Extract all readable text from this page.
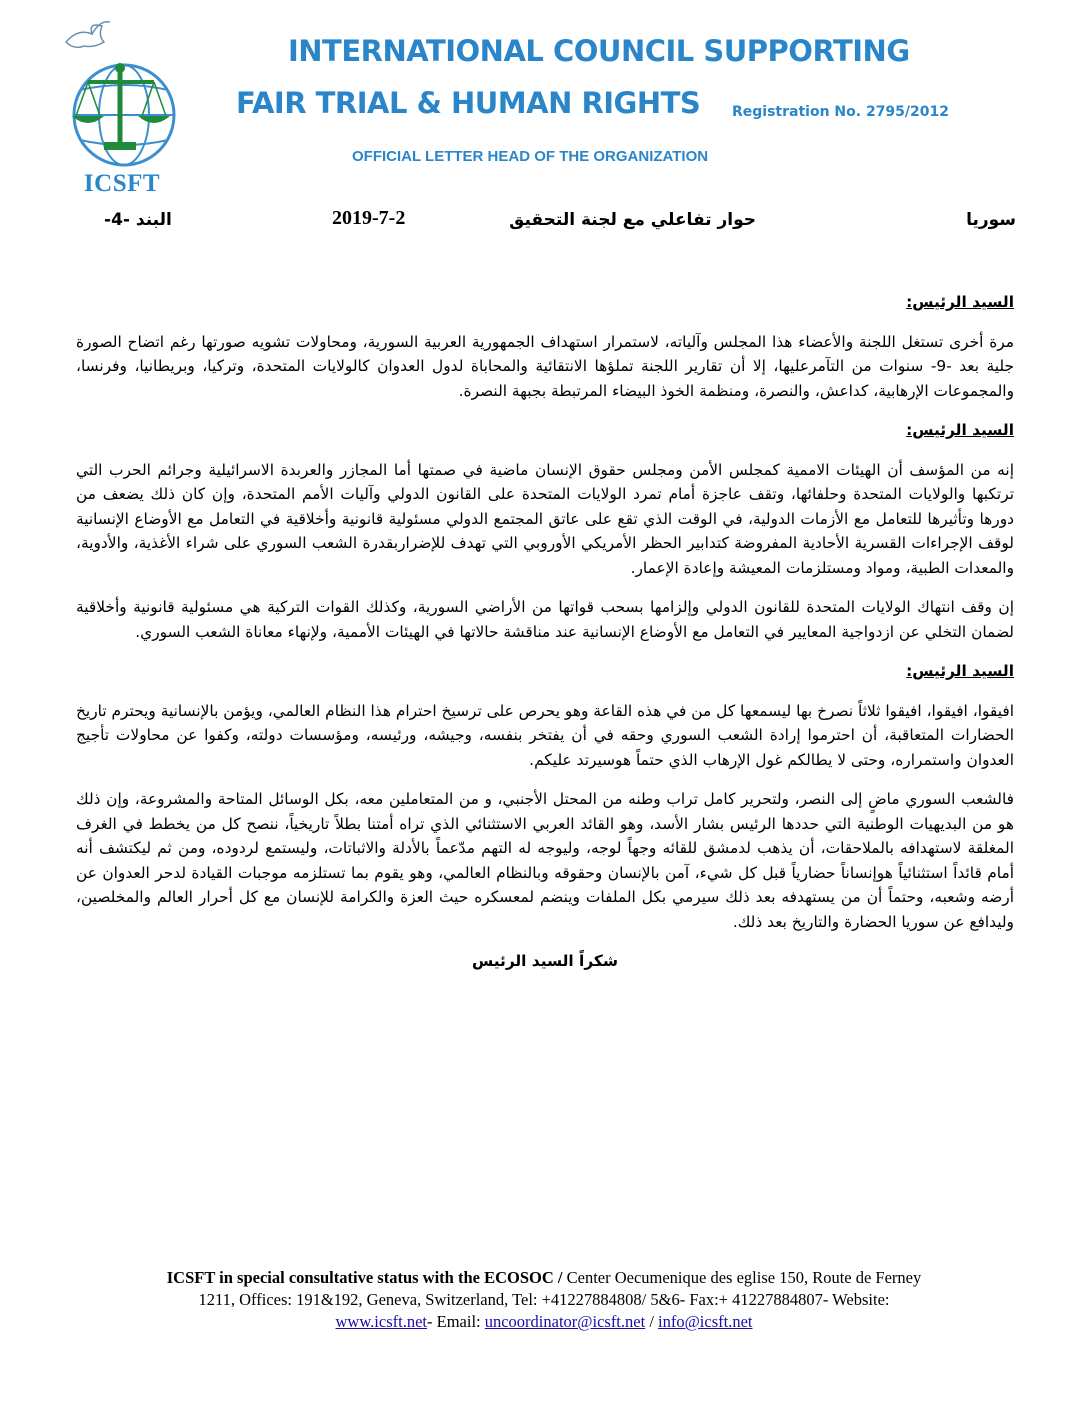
ICSFT
INTERNATIONAL COUNCIL SUPPORTING
FAIR TRIAL & HUMAN RIGHTS Registration No. 2795/2012
OFFICIAL LETTER HEAD OF THE ORGANIZATION
سوريا
حوار تفاعلي مع لجنة التحقيق
2019-7-2
البند -4-

السيد الرئيس:

مرة أخرى تستغل اللجنة والأعضاء هذا المجلس وآلياته، لاستمرار استهداف الجمهورية العربية السورية، ومحاولات تشويه صورتها رغم اتضاح الصورة جلية بعد -9- سنوات من التآمرعليها، إلا أن تقارير اللجنة تملؤها الانتقائية والمحاباة لدول العدوان كالولايات المتحدة، وتركيا، وبريطانيا، وفرنسا، والمجموعات الإرهابية، كداعش، والنصرة، ومنظمة الخوذ البيضاء المرتبطة بجبهة النصرة.

السيد الرئيس:

إنه من المؤسف أن الهيئات الاممية كمجلس الأمن ومجلس حقوق الإنسان ماضية في صمتها أما المجازر والعربدة الاسرائيلية وجرائم الحرب التي ترتكبها والولايات المتحدة وحلفائها، وتقف عاجزة أمام تمرد الولايات المتحدة على القانون الدولي وآليات الأمم المتحدة، وإن كان ذلك يضعف من دورها وتأثيرها للتعامل مع الأزمات الدولية، في الوقت الذي تقع على عاتق المجتمع الدولي مسئولية قانونية وأخلاقية في التعامل مع الأوضاع الإنسانية لوقف الإجراءات القسرية الأحادية المفروضة كتدابير الحظر الأمريكي الأوروبي التي تهدف للإضراربقدرة الشعب السوري على شراء الأغذية، والأدوية، والمعدات الطبية، ومواد ومستلزمات المعيشة وإعادة الإعمار.

إن وقف انتهاك الولايات المتحدة للقانون الدولي وإلزامها بسحب قواتها من الأراضي السورية، وكذلك القوات التركية هي مسئولية قانونية وأخلاقية لضمان التخلي عن ازدواجية المعايير في التعامل مع الأوضاع الإنسانية عند مناقشة حالاتها في الهيئات الأممية، ولإنهاء معاناة الشعب السوري.

السيد الرئيس:

افيقوا، افيقوا، افيقوا ثلاثاً نصرخ بها ليسمعها كل من في هذه القاعة وهو يحرص على ترسيخ احترام هذا النظام العالمي، ويؤمن بالإنسانية ويحترم تاريخ الحضارات المتعاقبة، أن احترموا إرادة الشعب السوري وحقه في أن يفتخر بنفسه، وجيشه، ورئيسه، ومؤسسات دولته، وكفوا عن محاولات تأجيج العدوان واستمراره، وحتى لا يطالكم غول الإرهاب الذي حتماً هوسيرتد عليكم.

فالشعب السوري ماضٍ إلى النصر، ولتحرير كامل تراب وطنه من المحتل الأجنبي، و من المتعاملين معه، بكل الوسائل المتاحة والمشروعة، وإن ذلك هو من البديهيات الوطنية التي حددها الرئيس بشار الأسد، وهو القائد العربي الاستثنائي الذي تراه أمتنا بطلاً تاريخياً، ننصح كل من يخطط في الغرف المغلقة لاستهدافه بالملاحقات، أن يذهب لدمشق للقائه وجهاً لوجه، وليوجه له التهم مدّعماً بالأدلة والاثباتات، وليستمع لردوده، ومن ثم ليكتشف أنه أمام قائداً استثنائياً هوإنساناً حضارياً قبل كل شيء، آمن بالإنسان وحقوقه وبالنظام العالمي، وهو يقوم بما تستلزمه موجبات القيادة لدحر العدوان عن أرضه وشعبه، وحتماً أن من يستهدفه بعد ذلك سيرمي بكل الملفات وينضم لمعسكره حيث العزة والكرامة للإنسان مع كل أحرار العالم والمخلصين، وليدافع عن سوريا الحضارة والتاريخ بعد ذلك.

شكراً السيد الرئيس

ICSFT in special consultative status with the ECOSOC / Center Oecumenique des eglise 150, Route de Ferney
1211, Offices: 191&192, Geneva, Switzerland, Tel: +41227884808/ 5&6- Fax:+ 41227884807- Website:
www.icsft.net- Email: uncoordinator@icsft.net / info@icsft.net
